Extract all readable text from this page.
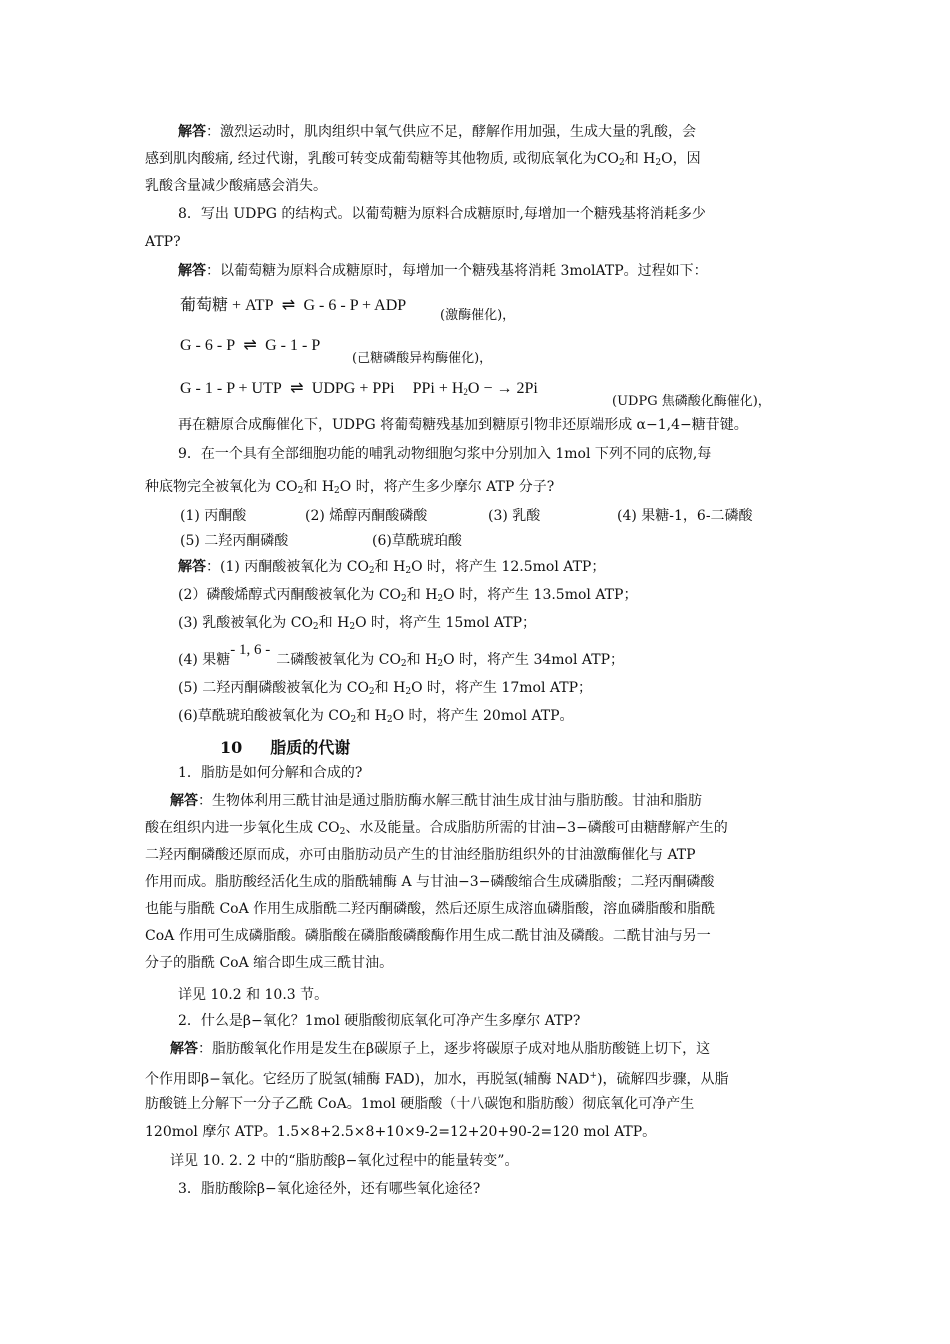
解答：激烈运动时，肌肉组织中氧气供应不足，酵解作用加强，生成大量的乳酸，会
感到肌肉酸痛, 经过代谢，乳酸可转变成葡萄糖等其他物质, 或彻底氧化为$CO_2$和 $H_2O$，因
乳酸含量减少酸痛感会消失。
8．写出 UDPG 的结构式。以葡萄糖为原料合成糖原时,每增加一个糖残基将消耗多少
ATP?
解答：以葡萄糖为原料合成糖原时，每增加一个糖残基将消耗 3molATP。过程如下：
葡萄糖 + ATP ⇌ G - 6 - P + ADP
(激酶催化)，
G - 6 - P ⇌ G - 1 - P
(己糖磷酸异构酶催化)，
G - 1 - P + UTP ⇌ UDPG + PPi PPi + $H_2O$ − → 2Pi
(UDPG 焦磷酸化酶催化)，
再在糖原合成酶催化下，UDPG 将葡萄糖残基加到糖原引物非还原端形成 α−1,4−糖苷键。
9．在一个具有全部细胞功能的哺乳动物细胞匀浆中分别加入 1mol 下列不同的底物,每
种底物完全被氧化为 $CO_2$和 $H_2O$ 时，将产生多少摩尔 ATP 分子?
(1) 丙酮酸	(2) 烯醇丙酮酸磷酸	(3) 乳酸	(4) 果糖-1，6-二磷酸
(5) 二羟丙酮磷酸	(6)草酰琥珀酸
解答：(1) 丙酮酸被氧化为 $CO_2$和 $H_2O$ 时，将产生 12.5mol ATP；
(2）磷酸烯醇式丙酮酸被氧化为 $CO_2$和 $H_2O$ 时，将产生 13.5mol ATP；
(3) 乳酸被氧化为 $CO_2$和 $H_2O$ 时，将产生 15mol ATP；
(4) 果糖- 1, 6 -二磷酸被氧化为 $CO_2$和 $H_2O$ 时，将产生 34mol ATP；
(5) 二羟丙酮磷酸被氧化为 $CO_2$和 $H_2O$ 时，将产生 17mol ATP；
(6)草酰琥珀酸被氧化为 $CO_2$和 $H_2O$ 时，将产生 20mol ATP。
10 脂质的代谢
1．脂肪是如何分解和合成的?
解答：生物体利用三酰甘油是通过脂肪酶水解三酰甘油生成甘油与脂肪酸。甘油和脂肪
酸在组织内进一步氧化生成 $CO_2$、水及能量。合成脂肪所需的甘油−3−磷酸可由糖酵解产生的
二羟丙酮磷酸还原而成，亦可由脂肪动员产生的甘油经脂肪组织外的甘油激酶催化与 ATP
作用而成。脂肪酸经活化生成的脂酰辅酶 A 与甘油−3−磷酸缩合生成磷脂酸；二羟丙酮磷酸
也能与脂酰 CoA 作用生成脂酰二羟丙酮磷酸，然后还原生成溶血磷脂酸，溶血磷脂酸和脂酰
CoA 作用可生成磷脂酸。磷脂酸在磷脂酸磷酸酶作用生成二酰甘油及磷酸。二酰甘油与另一
分子的脂酰 CoA 缩合即生成三酰甘油。
详见 10.2 和 10.3 节。
2．什么是β−氧化？1mol 硬脂酸彻底氧化可净产生多摩尔 ATP?
解答：脂肪酸氧化作用是发生在β碳原子上，逐步将碳原子成对地从脂肪酸链上切下，这
个作用即β−氧化。它经历了脱氢(辅酶 FAD)，加水，再脱氢(辅酶 NAD+)，硫解四步骤，从脂
肪酸链上分解下一分子乙酰 CoA。1mol 硬脂酸（十八碳饱和脂肪酸）彻底氧化可净产生
120mol 摩尔 ATP。1.5×8+2.5×8+10×9-2=12+20+90-2=120 mol ATP。
详见 10. 2. 2 中的“脂肪酸β−氧化过程中的能量转变”。
3．脂肪酸除β−氧化途径外，还有哪些氧化途径?
